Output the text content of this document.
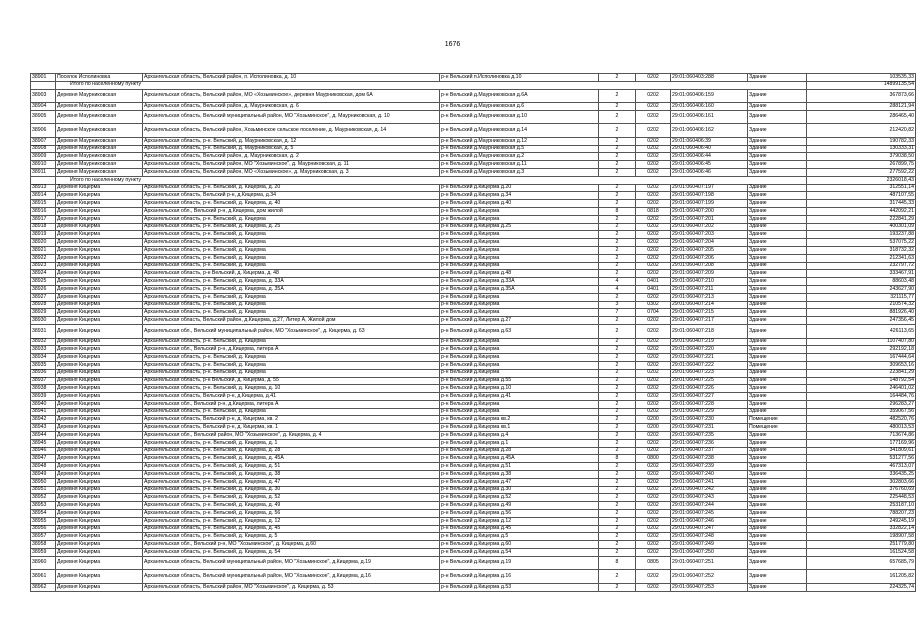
1676
38901	Поселок Исполиновка	Архангельская область, Вельский район, п. Исполиновка, д. 10	р-н Вельский п.Исполиновка д.10	2	0202	29:01:060403:288	Здание	103535,33
	Итого по населенному пункту							14899135,54
38903	Деревня Маурниковская	Архангельская область, Вельский район, МО «Хозьминское», деревня Маурниковская, дом 6А	р-н Вельский д.Маурниковская д.6А	2	0202	29:01:060406:159	Здание	367873,66
38904	Деревня Маурниковская	Архангельская область, Вельский район, д. Маурниковская, д. 6	р-н Вельский д.Маурниковская д.6	2	0202	29:01:060406:160	Здание	288121,94
38905	Деревня Маурниковская	Архангельская область, Вельский муниципальный район, МО "Хозьминское", д. Маурниковская, д. 10	р-н Вельский д.Маурниковская д.10	2	0202	29:01:060406:161	Здание	286465,40
38906	Деревня Маурниковская	Архангельская область, Вельский район, Хозьминское сельское поселение, д. Маурниковская, д. 14	р-н Вельский д.Маурниковская д.14	2	0202	29:01:060406:162	Здание	212420,82
38907	Деревня Маурниковская	Архангельская область, р-н. Вельский, д. Маурниковская, д. 12	р-н Вельский д.Маурниковская д.12	2	0202	29:01:060406:39	Здание	190782,33
38908	Деревня Маурниковская	Архангельская область, р-н. Вельский, д. Маурниковская, д. 5	р-н Вельский д.Маурниковская д.5	2	0202	29:01:060406:40	Здание	130333,31
38909	Деревня Маурниковская	Архангельская область, Вельский район, д. Маурниковская, д. 2	р-н Вельский д.Маурниковская д.2	2	0202	29:01:060406:44	Здание	379038,50
38910	Деревня Маурниковская	Архангельская область, Вельский район, МО "Хозьминское", д. Маурниковская, д. 11	р-н Вельский д.Маурниковская д.11	2	0202	29:01:060406:45	Здание	267899,75
38911	Деревня Маурниковская	Архангельская область, Вельский район, МО «Хозьминское», д. Маурниковская, д. 3	р-н Вельский д.Маурниковская д.3	2	0202	29:01:060406:46	Здание	277592,22
	Итого по населенному пункту							2326018,43
38913	Деревня Кицерма	Архангельская область, р-н. Вельский, д. Кицерма, д. 20	р-н Вельский д.Кицерма д.20	2	0202	29:01:060407:197	Здание	312551,14
38914	Деревня Кицерма	Архангельская область, Вельский р-н, д.Кицерма, д.34	р-н Вельский д.Кицерма д.34	2	0202	29:01:060407:198	Здание	487107,55
38915	Деревня Кицерма	Архангельская область, р-н. Вельский, д. Кицерма, д. 40	р-н Вельский д.Кицерма д.40	2	0202	29:01:060407:199	Здание	317445,33
38916	Деревня Кицерма	Архангельская обл., Вельский р-н, д.Кицерма, дом жилой	р-н Вельский д.Кицерма	8	0818	29:01:060407:200	Здание	442092,21
38917	Деревня Кицерма	Архангельская область, р-н. Вельский, д. Кицерма	р-н Вельский д.Кицерма	2	0202	29:01:060407:201	Здание	222841,29
38918	Деревня Кицерма	Архангельская область, р-н. Вельский, д. Кицерма, д. 25	р-н Вельский д.Кицерма д.25	2	0202	29:01:060407:202	Здание	400301,09
38919	Деревня Кицерма	Архангельская область, р-н. Вельский, д. Кицерма	р-н Вельский д.Кицерма	2	0202	29:01:060407:203	Здание	193237,88
38920	Деревня Кицерма	Архангельская область, р-н. Вельский, д. Кицерма	р-н Вельский д.Кицерма	2	0202	29:01:060407:204	Здание	537075,22
38921	Деревня Кицерма	Архангельская область, р-н. Вельский, д. Кицерма	р-н Вельский д.Кицерма	2	0202	29:01:060407:205	Здание	318732,32
38922	Деревня Кицерма	Архангельская область, р-н. Вельский, д. Кицерма	р-н Вельский д.Кицерма	2	0202	29:01:060407:206	Здание	212341,63
38923	Деревня Кицерма	Архангельская область, р-н. Вельский, д. Кицерма	р-н Вельский д.Кицерма	2	0202	29:01:060407:208	Здание	232797,72
38924	Деревня Кицерма	Архангельская область, р-н Вельский, д. Кицерма, д. 48	р-н Вельский д.Кицерма д.48	2	0202	29:01:060407:209	Здание	333467,91
38925	Деревня Кицерма	Архангельская область, р-н. Вельский, д. Кицерма, д. 33А	р-н Вельский д.Кицерма д.33А	4	0401	29:01:060407:210	Здание	88603,48
38926	Деревня Кицерма	Архангельская область, р-н. Вельский, д. Кицерма, д. 35А	р-н Вельский д.Кицерма д.35А	4	0401	29:01:060407:211	Здание	243627,90
38927	Деревня Кицерма	Архангельская область, р-н. Вельский, д. Кицерма	р-н Вельский д.Кицерма	2	0202	29:01:060407:213	Здание	321115,77
38928	Деревня Кицерма	Архангельская область, р-н. Вельский, д. Кицерма	р-н Вельский д.Кицерма	3	0302	29:01:060407:214	Здание	210574,32
38929	Деревня Кицерма	Архангельская область, р-н. Вельский, д. Кицерма	р-н Вельский д.Кицерма	7	0704	29:01:060407:215	Здание	881926,40
38930	Деревня Кицерма	Архангельская область, Вельский район, д.Кицерма, д.27, Литер А, Жилой дом	р-н Вельский д.Кицерма д.27	2	0202	29:01:060407:217	Здание	247356,45
38931	Деревня Кицерма	Архангельская обл., Вельский муниципальный район, МО "Хозьминское", д. Кицерма, д. 63	р-н Вельский д.Кицерма д.63	2	0202	29:01:060407:218	Здание	426113,65
38932	Деревня Кицерма	Архангельская область, р-н. Вельский, д. Кицерма	р-н Вельский д.Кицерма	2	0202	29:01:060407:219	Здание	1107407,80
38933	Деревня Кицерма	Архангельская обл., Вельский р-н, д.Кицерма, литера А	р-н Вельский д.Кицерма	2	0202	29:01:060407:220	Здание	292192,18
38934	Деревня Кицерма	Архангельская область, р-н. Вельский, д. Кицерма	р-н Вельский д.Кицерма	2	0202	29:01:060407:221	Здание	167444,64
38935	Деревня Кицерма	Архангельская область, р-н. Вельский, д. Кицерма	р-н Вельский д.Кицерма	2	0202	29:01:060407:222	Здание	309653,16
38936	Деревня Кицерма	Архангельская область, р-н. Вельский, д. Кицерма	р-н Вельский д.Кицерма	2	0202	29:01:060407:223	Здание	223841,29
38937	Деревня Кицерма	Архангельская область, р-н Вельский, д. Кицерма, д. 55	р-н Вельский д.Кицерма д.55	2	0202	29:01:060407:225	Здание	148792,54
38938	Деревня Кицерма	Архангельская область, р-н. Вельский, д. Кицерма, д. 10	р-н Вельский д.Кицерма д.10	2	0202	29:01:060407:226	Здание	246401,02
38939	Деревня Кицерма	Архангельская область, Вельский р-н, д.Кицерма, д.41	р-н Вельский д.Кицерма д.41	2	0202	29:01:060407:227	Здание	164484,76
38940	Деревня Кицерма	Архангельская обл., Вельский р-н, д.Кицерма, литера А	р-н Вельский д.Кицерма	2	0202	29:01:060407:228	Здание	296283,27
38941	Деревня Кицерма	Архангельская область, р-н. Вельский, д. Кицерма	р-н Вельский д.Кицерма	2	0202	29:01:060407:229	Здание	359067,56
38942	Деревня Кицерма	Архангельская область, Вельский р-н, д. Кицерма, кв. 2	р-н Вельский д.Кицерма кв.2	2	0200	29:01:060407:230	Помещение	482520,76
38943	Деревня Кицерма	Архангельская область, Вельский р-н, д. Кицерма, кв. 1	р-н Вельский д.Кицерма кв.1	2	0200	29:01:060407:231	Помещение	480013,53
38944	Деревня Кицерма	Архангельская обл., Вельский район, МО "Хозьминское", д. Кицерма, д. 4	р-н Вельский д.Кицерма д.4	2	0202	29:01:060407:235	Здание	713674,86
38945	Деревня Кицерма	Архангельская область, р-н. Вельский, д. Кицерма, д. 1	р-н Вельский д.Кицерма д.1	2	0202	29:01:060407:236	Здание	177169,96
38946	Деревня Кицерма	Архангельская область, р-н. Вельский, д. Кицерма, д. 28	р-н Вельский д.Кицерма д.28	2	0202	29:01:060407:237	Здание	341809,61
38947	Деревня Кицерма	Архангельская область, р-н. Вельский, д. Кицерма, д. 45А	р-н Вельский д.Кицерма д.45А	8	0800	29:01:060407:238	Здание	531277,56
38948	Деревня Кицерма	Архангельская область, р-н. Вельский, д. Кицерма, д. 51	р-н Вельский д.Кицерма д.51	2	0202	29:01:060407:239	Здание	467313,07
38949	Деревня Кицерма	Архангельская область, р-н. Вельский, д. Кицерма, д. 38	р-н Вельский д.Кицерма д.38	2	0202	29:01:060407:240	Здание	336435,25
38950	Деревня Кицерма	Архангельская область, р-н. Вельский, д. Кицерма, д. 47	р-н Вельский д.Кицерма д.47	2	0202	29:01:060407:241	Здание	302803,66
38951	Деревня Кицерма	Архангельская область, р-н. Вельский, д. Кицерма, д. 30	р-н Вельский д.Кицерма д.30	2	0202	29:01:060407:242	Здание	376760,69
38952	Деревня Кицерма	Архангельская область, р-н. Вельский, д. Кицерма, д. 52	р-н Вельский д.Кицерма д.52	2	0202	29:01:060407:243	Здание	225448,53
38953	Деревня Кицерма	Архангельская область, р-н. Вельский, д. Кицерма, д. 49	р-н Вельский д.Кицерма д.49	2	0202	29:01:060407:244	Здание	253187,10
38954	Деревня Кицерма	Архангельская область, р-н. Вельский, д. Кицерма, д. 56	р-н Вельский д.Кицерма д.56	2	0202	29:01:060407:245	Здание	788207,23
38955	Деревня Кицерма	Архангельская область, р-н. Вельский, д. Кицерма, д. 12	р-н Вельский д.Кицерма д.12	2	0202	29:01:060407:246	Здание	249245,19
38956	Деревня Кицерма	Архангельская область, р-н. Вельский, д. Кицерма, д. 45	р-н Вельский д.Кицерма д.45	2	0202	29:01:060407:247	Здание	332822,14
38957	Деревня Кицерма	Архангельская область, р-н. Вельский, д. Кицерма, д. 5	р-н Вельский д.Кицерма д.5	2	0202	29:01:060407:248	Здание	198907,58
38958	Деревня Кицерма	Архангельская обл., Вельский р-н, МО "Хозьминское", д. Кицерма, д.60	р-н Вельский д.Кицерма д.60	2	0202	29:01:060407:249	Здание	251779,80
38959	Деревня Кицерма	Архангельская область, р-н. Вельский, д. Кицерма, д. 54	р-н Вельский д.Кицерма д.54	2	0202	29:01:060407:250	Здание	161524,58
38960	Деревня Кицерма	Архангельская область, Вельский муниципальный район, МО "Хозьминское", д.Кицерма, д.19	р-н Вельский д.Кицерма д.19	8	0805	29:01:060407:251	Здание	657685,79
38961	Деревня Кицерма	Архангельская область, Вельский муниципальный район, МО "Хозьминское", д.Кицерма, д.16	р-н Вельский д.Кицерма д.16	2	0202	29:01:060407:252	Здание	161205,82
38962	Деревня Кицерма	Архангельская область, Вельский район, МО "Хозьминское", д. Кицерма, д. 53	р-н Вельский д.Кицерма д.53	2	0202	29:01:060407:253	Здание	224325,74
